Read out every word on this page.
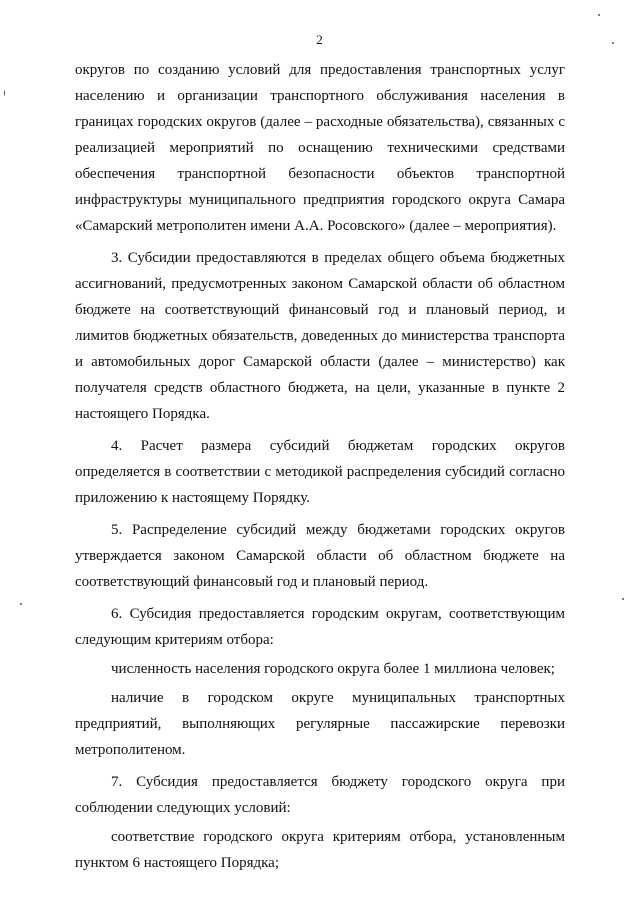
2

округов по созданию условий для предоставления транспортных услуг населению и организации транспортного обслуживания населения в границах городских округов (далее – расходные обязательства), связанных с реализацией мероприятий по оснащению техническими средствами обеспечения транспортной безопасности объектов транспортной инфраструктуры муниципального предприятия городского округа Самара «Самарский метрополитен имени А.А. Росовского» (далее – мероприятия).

3. Субсидии предоставляются в пределах общего объема бюджетных ассигнований, предусмотренных законом Самарской области об областном бюджете на соответствующий финансовый год и плановый период, и лимитов бюджетных обязательств, доведенных до министерства транспорта и автомобильных дорог Самарской области (далее – министерство) как получателя средств областного бюджета, на цели, указанные в пункте 2 настоящего Порядка.

4. Расчет размера субсидий бюджетам городских округов определяется в соответствии с методикой распределения субсидий согласно приложению к настоящему Порядку.

5. Распределение субсидий между бюджетами городских округов утверждается законом Самарской области об областном бюджете на соответствующий финансовый год и плановый период.

6. Субсидия предоставляется городским округам, соответствующим следующим критериям отбора:

численность населения городского округа более 1 миллиона человек;

наличие в городском округе муниципальных транспортных предприятий, выполняющих регулярные пассажирские перевозки метрополитеном.

7. Субсидия предоставляется бюджету городского округа при соблюдении следующих условий:

соответствие городского округа критериям отбора, установленным пунктом 6 настоящего Порядка;
